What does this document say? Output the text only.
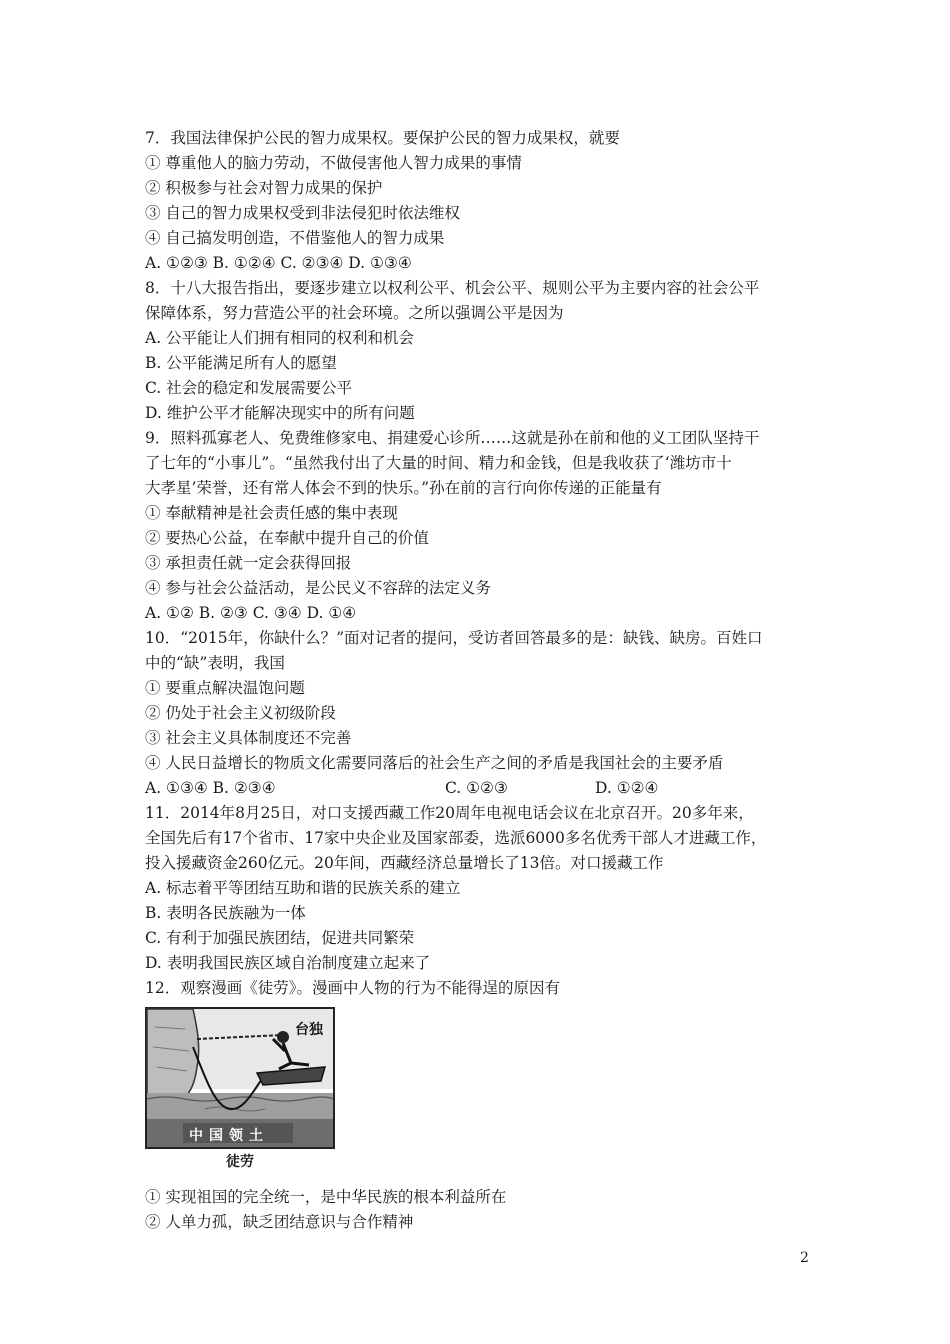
7．我国法律保护公民的智力成果权。要保护公民的智力成果权，就要
① 尊重他人的脑力劳动，不做侵害他人智力成果的事情
② 积极参与社会对智力成果的保护
③ 自己的智力成果权受到非法侵犯时依法维权
④ 自己搞发明创造，不借鉴他人的智力成果
A. ①②③ B. ①②④ C. ②③④ D. ①③④
8．十八大报告指出，要逐步建立以权利公平、机会公平、规则公平为主要内容的社会公平
保障体系，努力营造公平的社会环境。之所以强调公平是因为
A. 公平能让人们拥有相同的权利和机会
B. 公平能满足所有人的愿望
C. 社会的稳定和发展需要公平
D. 维护公平才能解决现实中的所有问题
9．照料孤寡老人、免费维修家电、捐建爱心诊所……这就是孙在前和他的义工团队坚持干
了七年的“小事儿”。“虽然我付出了大量的时间、精力和金钱，但是我收获了‘潍坊市十
大孝星’荣誉，还有常人体会不到的快乐。”孙在前的言行向你传递的正能量有
① 奉献精神是社会责任感的集中表现
② 要热心公益，在奉献中提升自己的价值
③ 承担责任就一定会获得回报
④ 参与社会公益活动，是公民义不容辞的法定义务
A. ①② B. ②③ C. ③④ D. ①④
10．“2015年，你缺什么？”面对记者的提问，受访者回答最多的是：缺钱、缺房。百姓口
中的“缺”表明，我国
① 要重点解决温饱问题
② 仍处于社会主义初级阶段
③ 社会主义具体制度还不完善
④ 人民日益增长的物质文化需要同落后的社会生产之间的矛盾是我国社会的主要矛盾
A. ①③④ B. ②③④	C. ①②③	D. ①②④
11．2014年8月25日，对口支援西藏工作20周年电视电话会议在北京召开。20多年来，
全国先后有17个省市、17家中央企业及国家部委，选派6000多名优秀干部人才进藏工作，
投入援藏资金260亿元。20年间，西藏经济总量增长了13倍。对口援藏工作
A. 标志着平等团结互助和谐的民族关系的建立
B. 表明各民族融为一体
C. 有利于加强民族团结，促进共同繁荣
D. 表明我国民族区域自治制度建立起来了
12．观察漫画《徒劳》。漫画中人物的行为不能得逞的原因有
台独
中国领土
徒劳
① 实现祖国的完全统一，是中华民族的根本利益所在
② 人单力孤，缺乏团结意识与合作精神
2
